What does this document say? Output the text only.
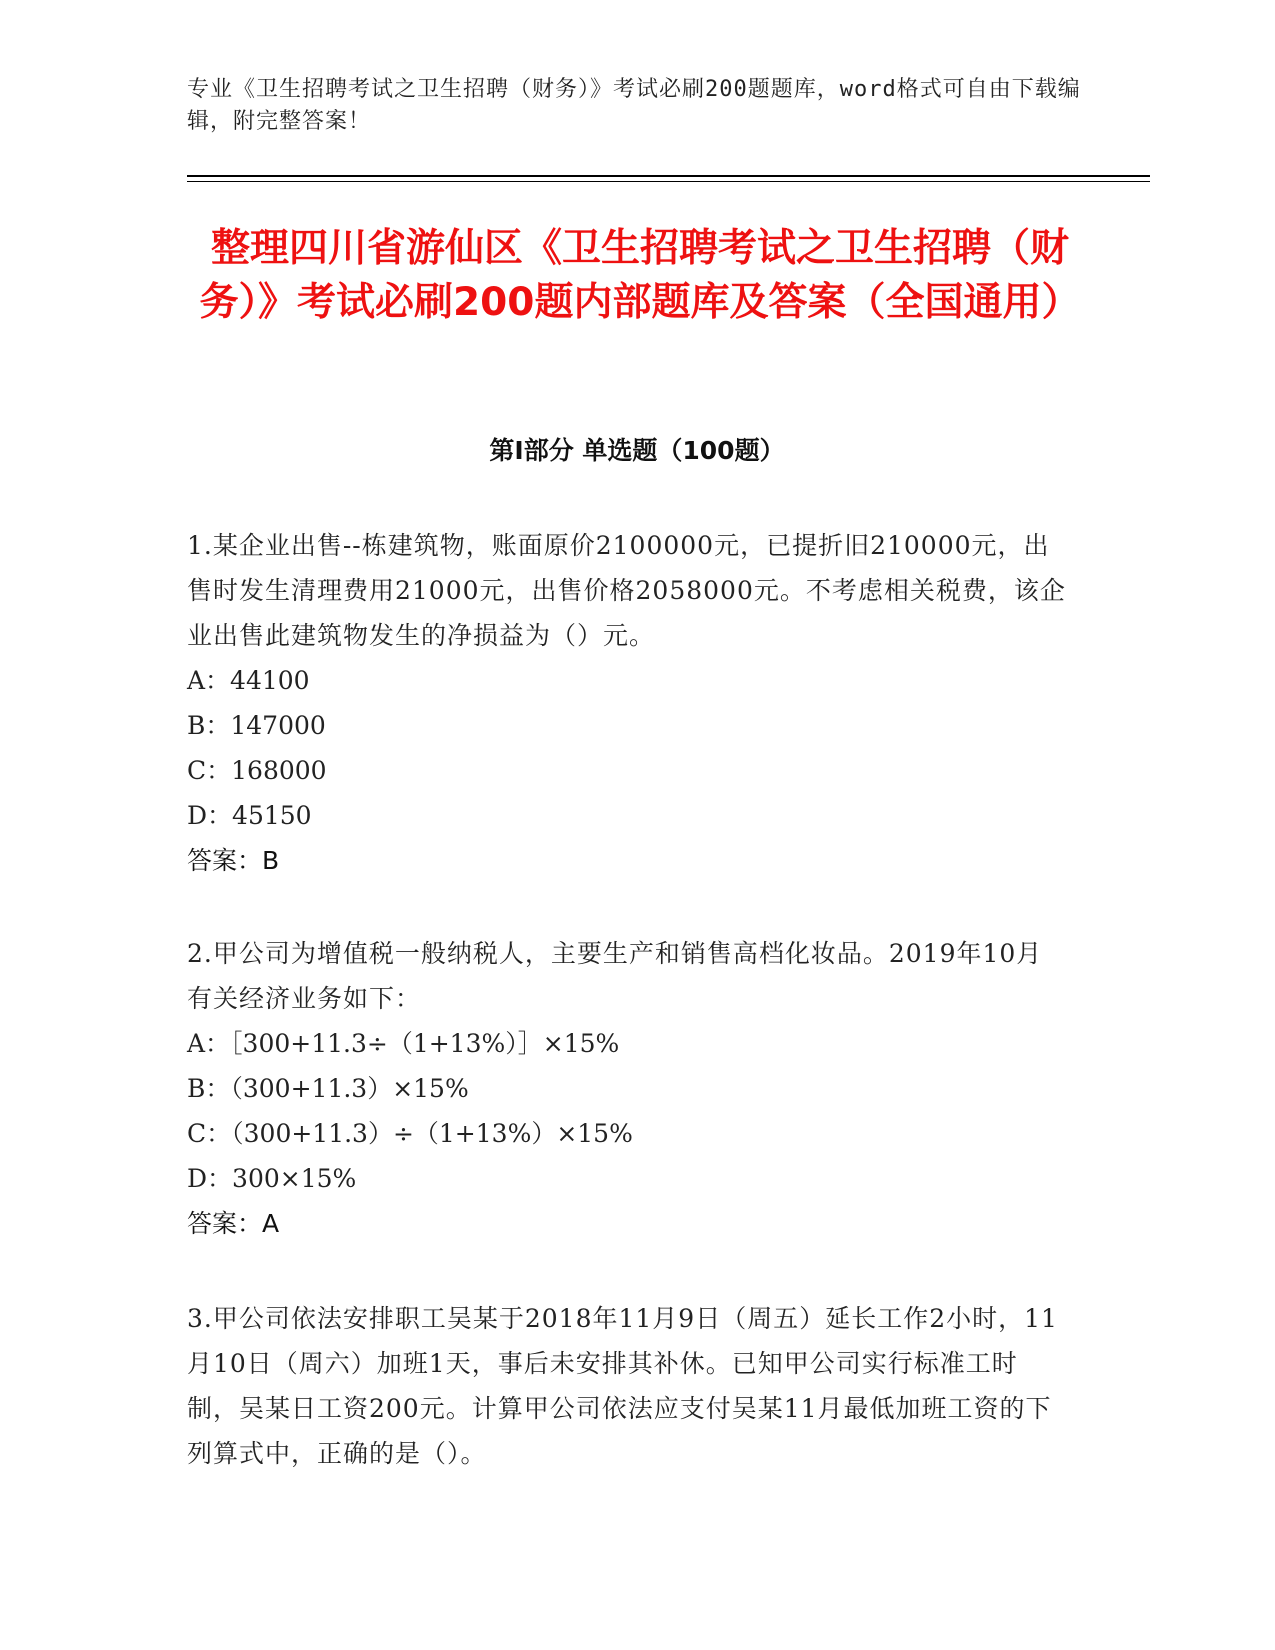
专业《卫生招聘考试之卫生招聘（财务）》考试必刷200题题库，word格式可自由下载编辑，附完整答案！
整理四川省游仙区《卫生招聘考试之卫生招聘（财务）》考试必刷200题内部题库及答案（全国通用）
第Ⅰ部分 单选题（100题）
1.某企业出售--栋建筑物，账面原价2100000元，已提折旧210000元，出售时发生清理费用21000元，出售价格2058000元。不考虑相关税费，该企业出售此建筑物发生的净损益为（）元。
A：44100
B：147000
C：168000
D：45150
答案：B
2.甲公司为增值税一般纳税人，主要生产和销售高档化妆品。2019年10月有关经济业务如下：
A：［300+11.3÷（1+13%）］×15%
B：（300+11.3）×15%
C：（300+11.3）÷（1+13%）×15%
D：300×15%
答案：A
3.甲公司依法安排职工吴某于2018年11月9日（周五）延长工作2小时，11月10日（周六）加班1天，事后未安排其补休。已知甲公司实行标准工时制，吴某日工资200元。计算甲公司依法应支付吴某11月最低加班工资的下列算式中，正确的是（）。
